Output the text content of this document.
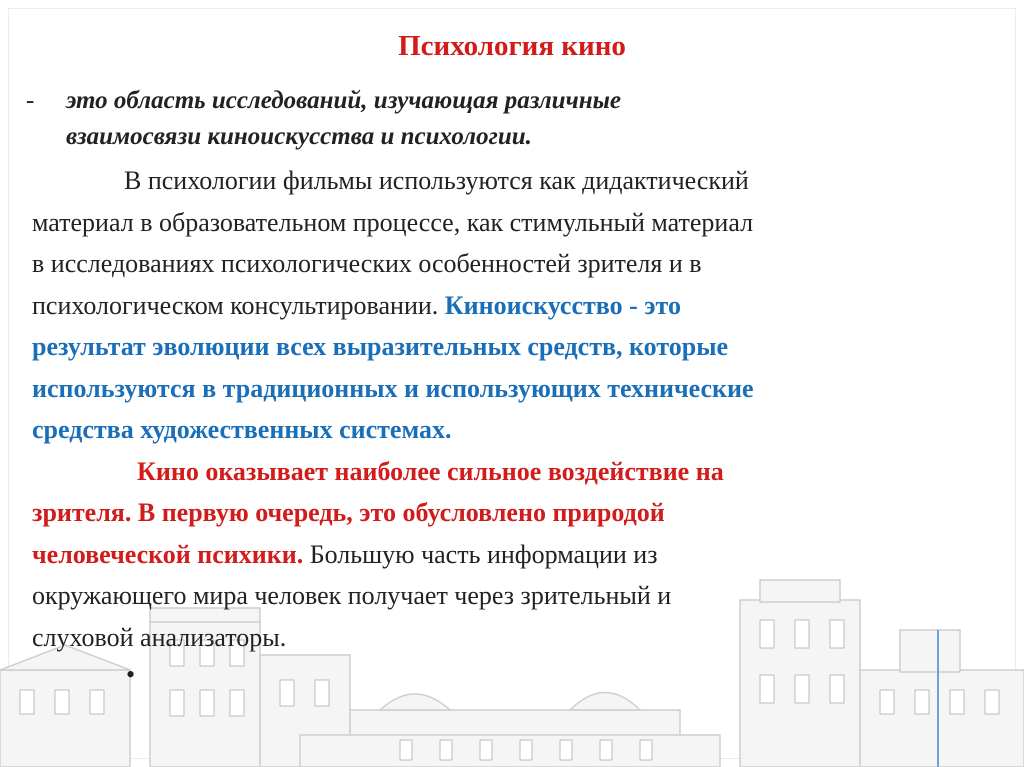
Психология кино
- это область исследований, изучающая различные
взаимосвязи киноискусства и психологии.
В психологии фильмы используются как дидактический
материал в образовательном процессе, как стимульный материал
в исследованиях психологических особенностей зрителя и в
психологическом консультировании. Киноискусство - это
результат эволюции всех выразительных средств, которые
используются в традиционных и использующих технические
средства художественных системах.
Кино оказывает наиболее сильное воздействие на
зрителя. В первую очередь, это обусловлено природой
человеческой психики. Большую часть информации из
окружающего мира человек получает через зрительный и
слуховой анализаторы.
•
